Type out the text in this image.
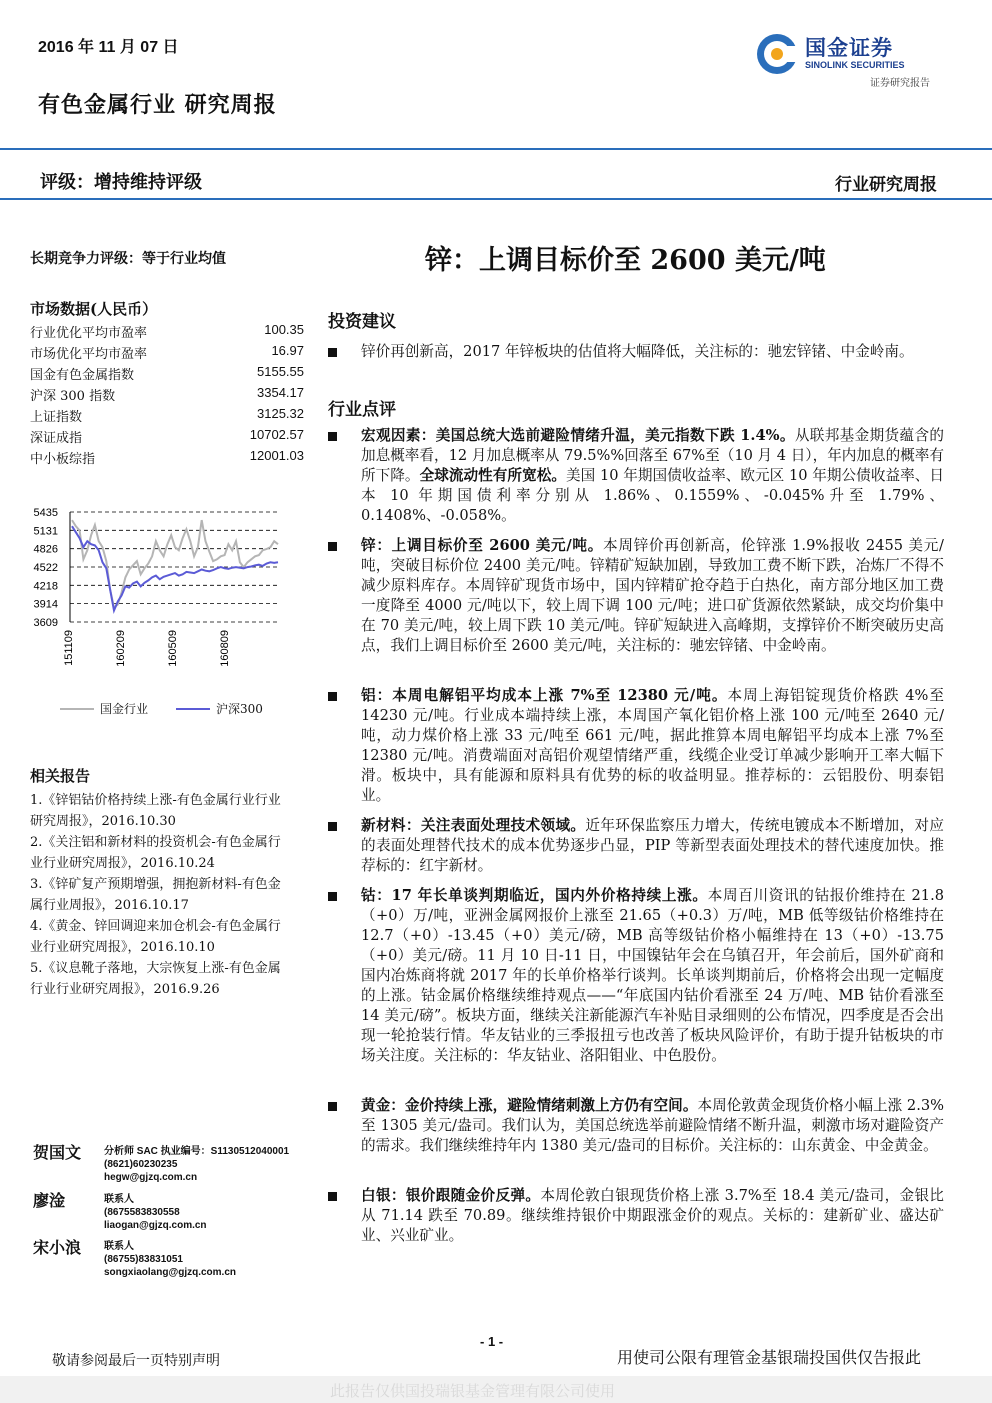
2016 年 11 月 07 日	国金证券
SINOLINK SECURITIES
证券研究报告
有色金属行业 研究周报
评级：增持维持评级	行业研究周报
长期竞争力评级：等于行业均值	锌：上调目标价至 2600 美元/吨
市场数据(人民币）
行业优化平均市盈率	100.35
市场优化平均市盈率	16.97
国金有色金属指数	5155.55
沪深 300 指数	3354.17
上证指数	3125.32
深证成指	10702.57
中小板综指	12001.03
5435
5131
4826
4522
4218
3914
3609
151109	160209	160509	160809
国金行业	沪深300
相关报告
1.《锌铝钴价格持续上涨-有色金属行业行业
研究周报》，2016.10.30
2.《关注铝和新材料的投资机会-有色金属行
业行业研究周报》，2016.10.24
3.《锌矿复产预期增强，拥抱新材料-有色金
属行业周报》，2016.10.17
4.《黄金、锌回调迎来加仓机会-有色金属行
业行业研究周报》，2016.10.10
5.《议息靴子落地，大宗恢复上涨-有色金属
行业行业研究周报》，2016.9.26
贺国文 分析师 SAC 执业编号：S1130512040001
(8621)60230235
hegw@gjzq.com.cn
廖淦	联系人
(8675583830558
liaogan@gjzq.com.cn
宋小浪 联系人
(86755)83831051
songxiaolang@gjzq.com.cn
投资建议
锌价再创新高，2017 年锌板块的估值将大幅降低，关注标的：驰宏锌锗、中金岭南。
行业点评
宏观因素：美国总统大选前避险情绪升温，美元指数下跌 1.4%。从联邦基金期货蕴含的加息概率看，12 月加息概率从 79.5%%回落至 67%至（10 月 4 日），年内加息的概率有所下降。全球流动性有所宽松。美国 10 年期国债收益率、欧元区 10 年期公债收益率、日本 10 年期国债利率分别从 1.86%、0.1559%、-0.045%升至 1.79%、0.1408%、-0.058%。
锌：上调目标价至 2600 美元/吨。本周锌价再创新高，伦锌涨 1.9%报收 2455 美元/吨，突破目标价位 2400 美元/吨。锌精矿短缺加剧，导致加工费不断下跌，冶炼厂不得不减少原料库存。本周锌矿现货市场中，国内锌精矿抢夺趋于白热化，南方部分地区加工费一度降至 4000 元/吨以下，较上周下调 100 元/吨；进口矿货源依然紧缺，成交均价集中在 70 美元/吨，较上周下跌 10 美元/吨。锌矿短缺进入高峰期，支撑锌价不断突破历史高点，我们上调目标价至 2600 美元/吨，关注标的：驰宏锌锗、中金岭南。
铝：本周电解铝平均成本上涨 7%至 12380 元/吨。本周上海铝锭现货价格跌 4%至 14230 元/吨。行业成本端持续上涨，本周国产氧化铝价格上涨 100 元/吨至 2640 元/吨，动力煤价格上涨 33 元/吨至 661 元/吨，据此推算本周电解铝平均成本上涨 7%至 12380 元/吨。消费端面对高铝价观望情绪严重，线缆企业受订单减少影响开工率大幅下滑。板块中，具有能源和原料具有优势的标的收益明显。推荐标的：云铝股份、明泰铝业。
新材料：关注表面处理技术领域。近年环保监察压力增大，传统电镀成本不断增加，对应的表面处理替代技术的成本优势逐步凸显，PIP 等新型表面处理技术的替代速度加快。推荐标的：红宇新材。
钴：17 年长单谈判期临近，国内外价格持续上涨。本周百川资讯的钴报价维持在 21.8（+0）万/吨，亚洲金属网报价上涨至 21.65（+0.3）万/吨，MB 低等级钴价格维持在 12.7（+0）-13.45（+0）美元/磅，MB 高等级钴价格小幅维持在 13（+0）-13.75（+0）美元/磅。11 月 10 日-11 日，中国镍钴年会在乌镇召开，年会前后，国外矿商和国内冶炼商将就 2017 年的长单价格举行谈判。长单谈判期前后，价格将会出现一定幅度的上涨。钴金属价格继续维持观点——“年底国内钴价看涨至 24 万/吨、MB 钴价看涨至 14 美元/磅”。板块方面，继续关注新能源汽车补贴目录细则的公布情况，四季度是否会出现一轮抢装行情。华友钴业的三季报扭亏也改善了板块风险评价，有助于提升钴板块的市场关注度。关注标的：华友钴业、洛阳钼业、中色股份。
黄金：金价持续上涨，避险情绪刺激上方仍有空间。本周伦敦黄金现货价格小幅上涨 2.3%至 1305 美元/盎司。我们认为，美国总统选举前避险情绪不断升温，刺激市场对避险资产的需求。我们继续维持年内 1380 美元/盎司的目标价。关注标的：山东黄金、中金黄金。
白银：银价跟随金价反弹。本周伦敦白银现货价格上涨 3.7%至 18.4 美元/盎司，金银比从 71.14 跌至 70.89。继续维持银价中期跟涨金价的观点。关标的：建新矿业、盛达矿业、兴业矿业。
- 1 -
敬请参阅最后一页特别声明	用使司公限有理管金基银瑞投国供仅告报此
此报告仅供国投瑞银基金管理有限公司使用
